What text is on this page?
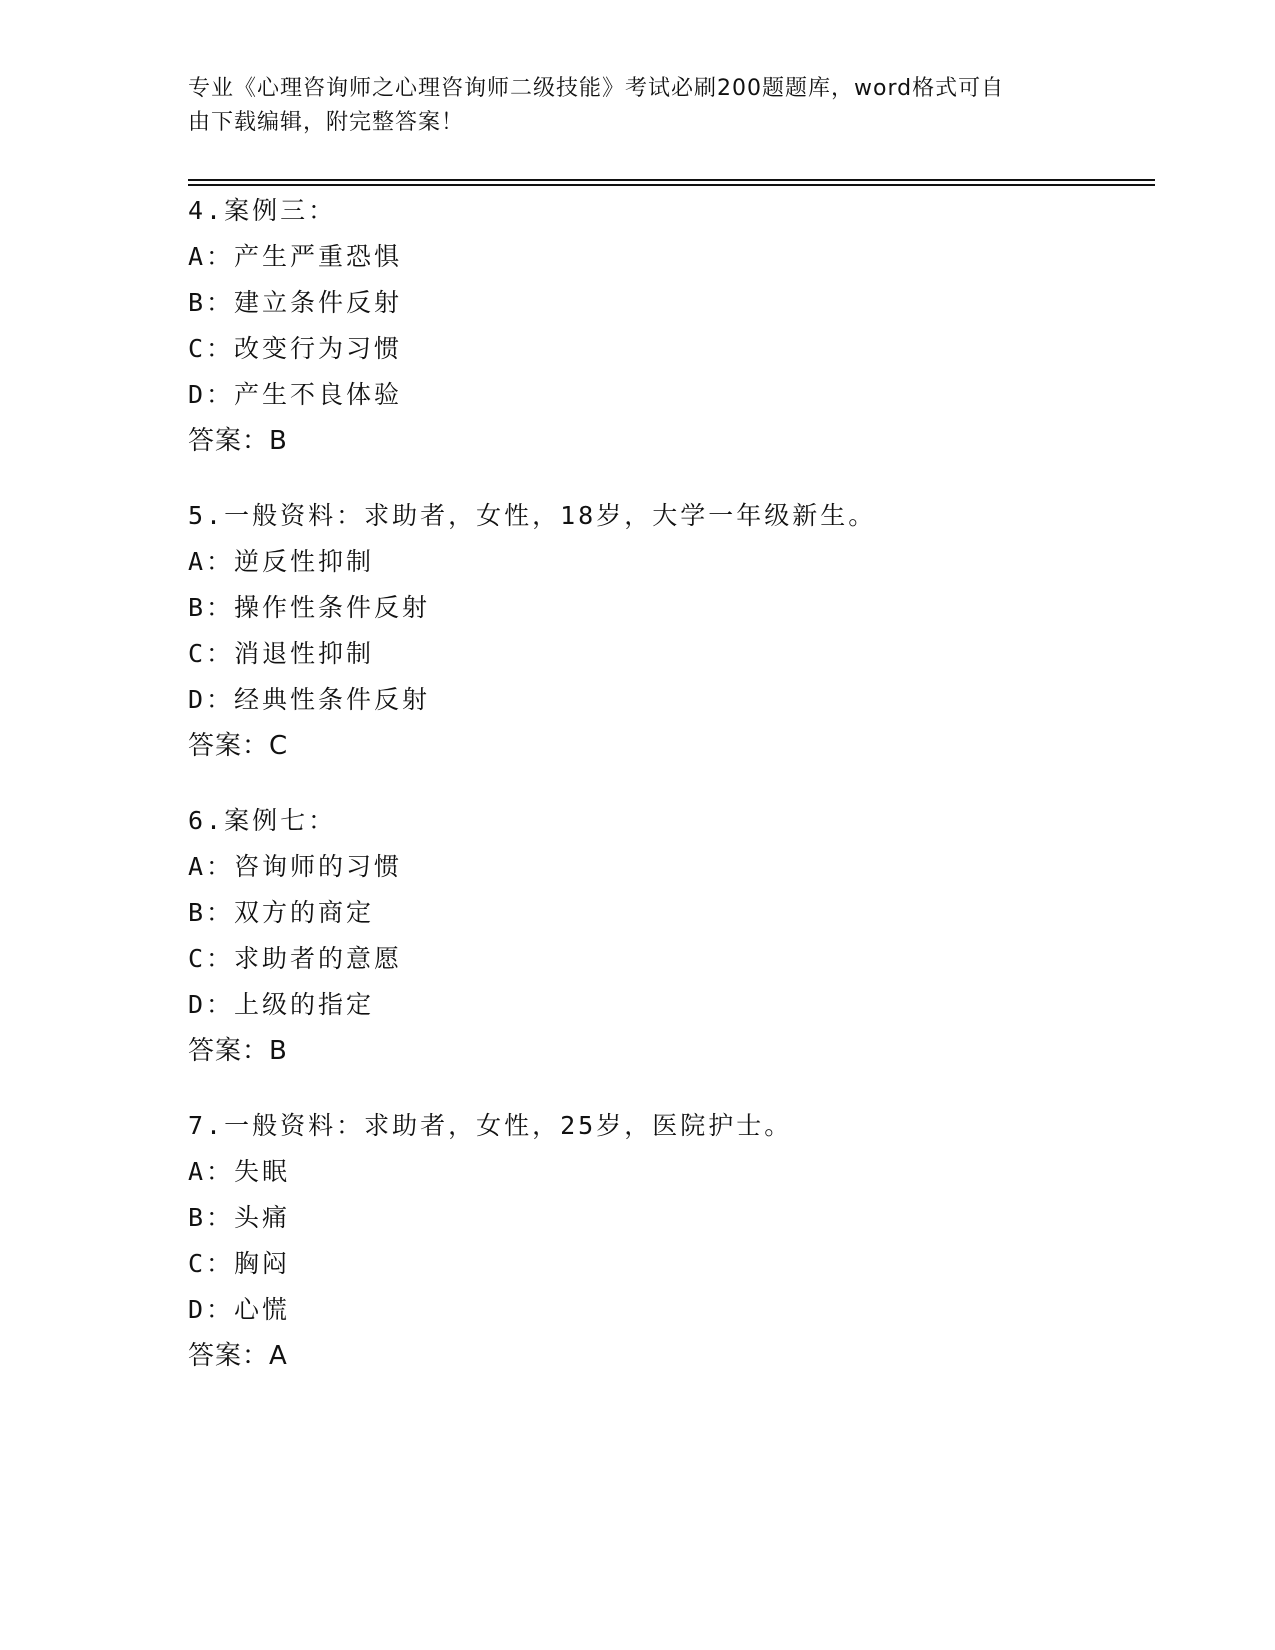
专业《心理咨询师之心理咨询师二级技能》考试必刷200题题库，word格式可自
由下载编辑，附完整答案！
4.案例三：
A：产生严重恐惧
B：建立条件反射
C：改变行为习惯
D：产生不良体验
答案：B
5.一般资料：求助者，女性，18岁，大学一年级新生。
A：逆反性抑制
B：操作性条件反射
C：消退性抑制
D：经典性条件反射
答案：C
6.案例七：
A：咨询师的习惯
B：双方的商定
C：求助者的意愿
D：上级的指定
答案：B
7.一般资料：求助者，女性，25岁，医院护士。
A：失眠
B：头痛
C：胸闷
D：心慌
答案：A
